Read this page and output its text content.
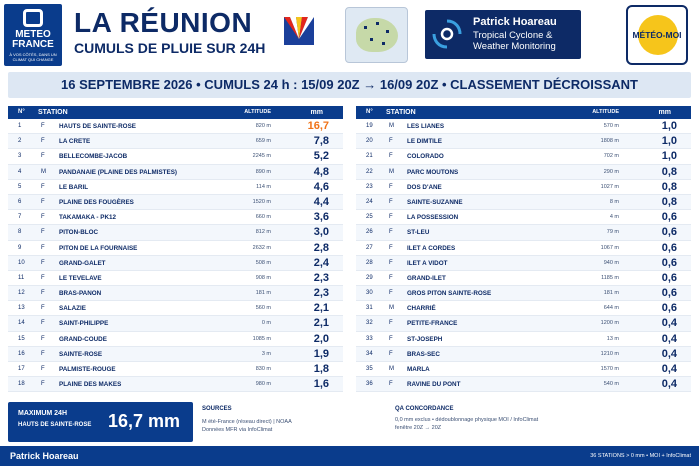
METEO
FRANCE
À VOS CÔTÉS, DANS UN CLIMAT QUI CHANGE
LA RÉUNION
CUMULS DE PLUIE SUR 24H
Patrick Hoareau
Tropical Cyclone &
Weather Monitoring
MÉTÉO-MOI
16 SEPTEMBRE 2026 • CUMULS 24 h : 15/09 20Z → 16/09 20Z • CLASSEMENT DÉCROISSANT
N° STATION	ALTITUDE	mm
1	F HAUTS DE SAINTE-ROSE	820 m	16,7
2	F LA CRETE	659 m	7,8
3	F BELLECOMBE-JACOB	2245 m	5,2
4	M PANDANAIE (PLAINE DES PALMISTES)	890 m	4,8
5	F LE BARIL	114 m	4,6
6	F PLAINE DES FOUGÈRES	1520 m	4,4
7	F TAKAMAKA - PK12	660 m	3,6
8	F PITON-BLOC	812 m	3,0
9	F PITON DE LA FOURNAISE	2632 m	2,8
10	F GRAND-GALET	508 m	2,4
11	F LE TEVELAVE	908 m	2,3
12	F BRAS-PANON	181 m	2,3
13	F SALAZIE	560 m	2,1
14	F SAINT-PHILIPPE	0 m	2,1
15	F GRAND-COUDE	1085 m	2,0
16	F SAINTE-ROSE	3 m	1,9
17	F PALMISTE-ROUGE	830 m	1,8
18	F PLAINE DES MAKES	980 m	1,6
N° STATION	ALTITUDE	mm
19	M LES LIANES	570 m	1,0
20	F LE DIMTILE	1808 m	1,0
21	F COLORADO	702 m	1,0
22	M PARC MOUTONS	290 m	0,8
23	F DOS D'ANE	1027 m	0,8
24	F SAINTE-SUZANNE	8 m	0,8
25	F LA POSSESSION	4 m	0,6
26	F ST-LEU	79 m	0,6
27	F ILET A CORDES	1067 m	0,6
28	F ILET A VIDOT	940 m	0,6
29	F GRAND-ILET	1185 m	0,6
30	F GROS PITON SAINTE-ROSE	181 m	0,6
31	M CHARRIÉ	644 m	0,6
32	F PETITE-FRANCE	1200 m	0,4
33	F ST-JOSEPH	13 m	0,4
34	F BRAS-SEC	1210 m	0,4
35	M MARLA	1570 m	0,4
36	F RAVINE DU PONT	540 m	0,4
MAXIMUM 24H
HAUTS DE SAINTE-ROSE 16,7 mm
SOURCES
M été-France (réseau direct) | NOAA
Données MFR via InfoClimat
QA CONCORDANCE
0,0 mm exclus • dédoublonnage physique MOI / InfoClimat
fenêtre 20Z → 20Z
Patrick Hoareau	36 STATIONS > 0 mm • MOI + InfoClimat
